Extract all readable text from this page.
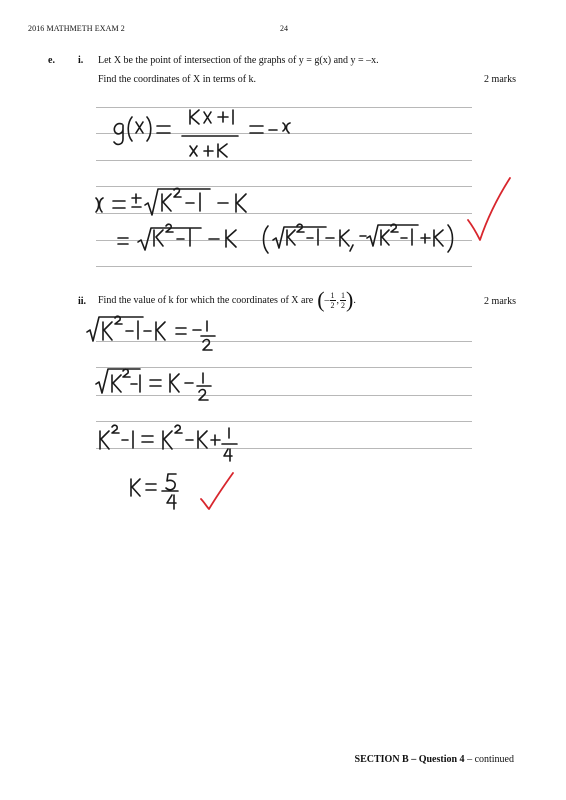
2016 MATHMETH EXAM 2	24
e. i. Let X be the point of intersection of the graphs of y = g(x) and y = –x.
Find the coordinates of X in terms of k.	2 marks
ii. Find the value of k for which the coordinates of X are ( – $\frac{1}{2}$ , $\frac{1}{2}$ ) .	2 marks
SECTION B – Question 4 – continued
